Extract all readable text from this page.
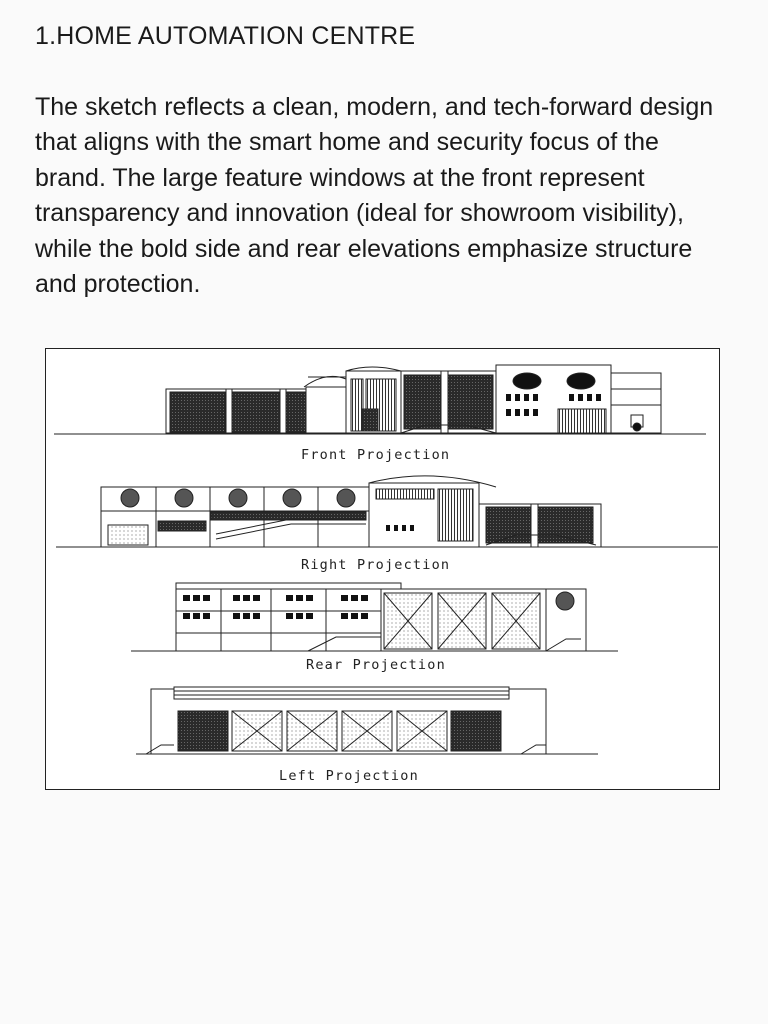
1.HOME AUTOMATION CENTRE

The sketch reflects a clean, modern, and tech-forward design that aligns with the smart home and security focus of the brand. The large feature windows at the front represent transparency and innovation (ideal for showroom visibility), while the bold side and rear elevations emphasize structure and protection.

Front Projection
Right Projection
Rear Projection
Left Projection
